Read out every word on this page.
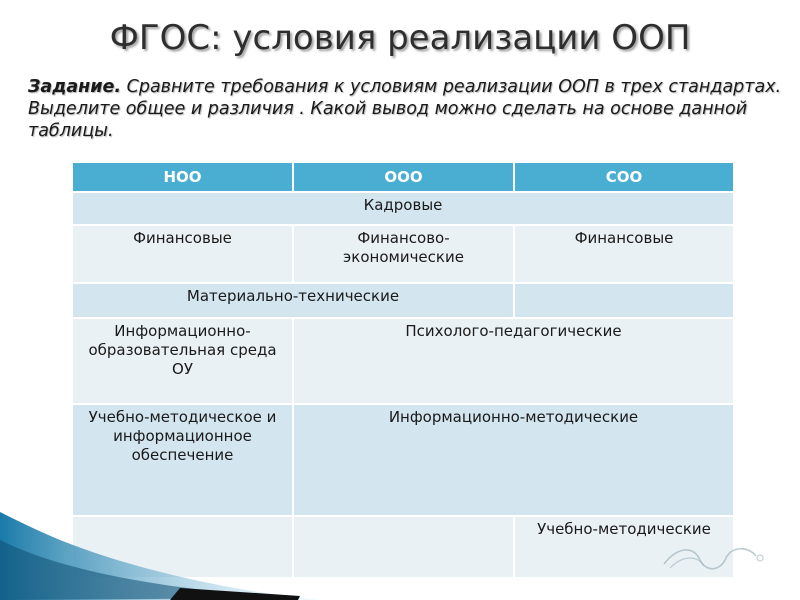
ФГОС: условия реализации ООП

Задание. Сравните требования к условиям реализации ООП в трех стандартах. Выделите общее и различия . Какой вывод можно сделать на основе данной таблицы.

НОО	ООО	СОО
Кадровые		
Финансовые	Финансово-экономические	Финансовые
Материально-технические		
Информационно-образовательная среда ОУ	Психолого-педагогические	
Учебно-методическое и информационное обеспечение	Информационно-методические	
		Учебно-методические
